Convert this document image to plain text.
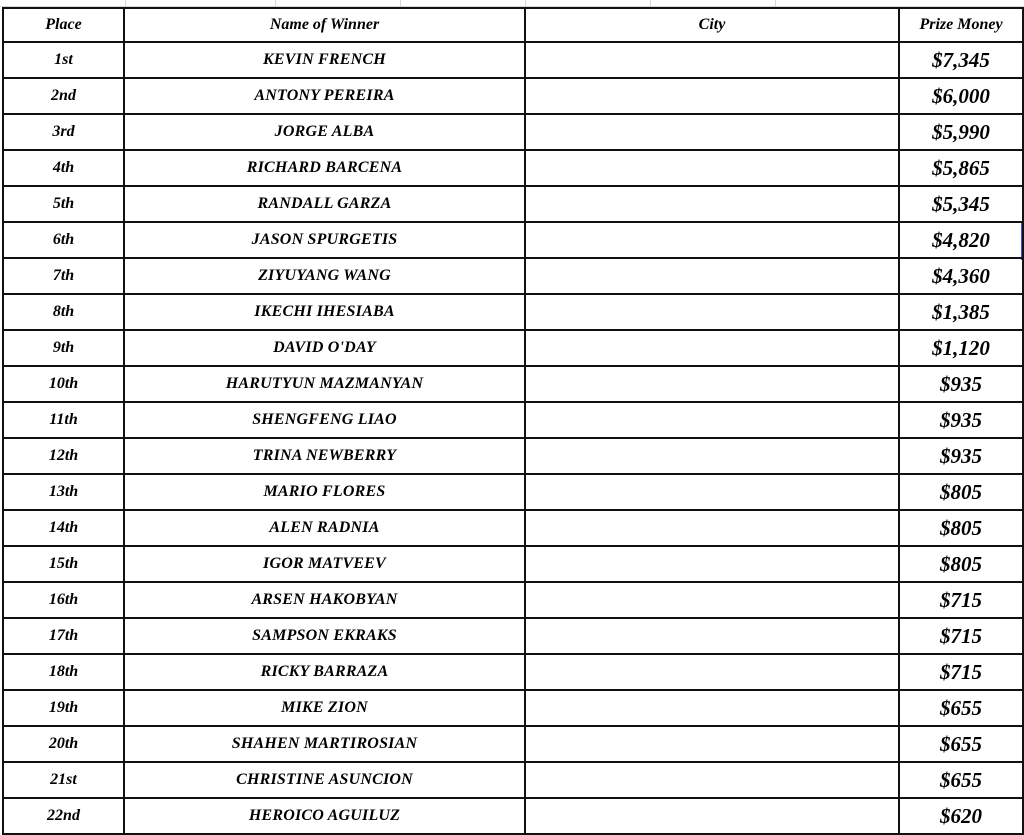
Place	Name of Winner	City	Prize Money
1st	KEVIN FRENCH		$7,345
2nd	ANTONY PEREIRA		$6,000
3rd	JORGE ALBA		$5,990
4th	RICHARD BARCENA		$5,865
5th	RANDALL GARZA		$5,345
6th	JASON SPURGETIS		$4,820
7th	ZIYUYANG WANG		$4,360
8th	IKECHI IHESIABA		$1,385
9th	DAVID O'DAY		$1,120
10th	HARUTYUN MAZMANYAN		$935
11th	SHENGFENG LIAO		$935
12th	TRINA NEWBERRY		$935
13th	MARIO FLORES		$805
14th	ALEN RADNIA		$805
15th	IGOR MATVEEV		$805
16th	ARSEN HAKOBYAN		$715
17th	SAMPSON EKRAKS		$715
18th	RICKY BARRAZA		$715
19th	MIKE ZION		$655
20th	SHAHEN MARTIROSIAN		$655
21st	CHRISTINE ASUNCION		$655
22nd	HEROICO AGUILUZ		$620
